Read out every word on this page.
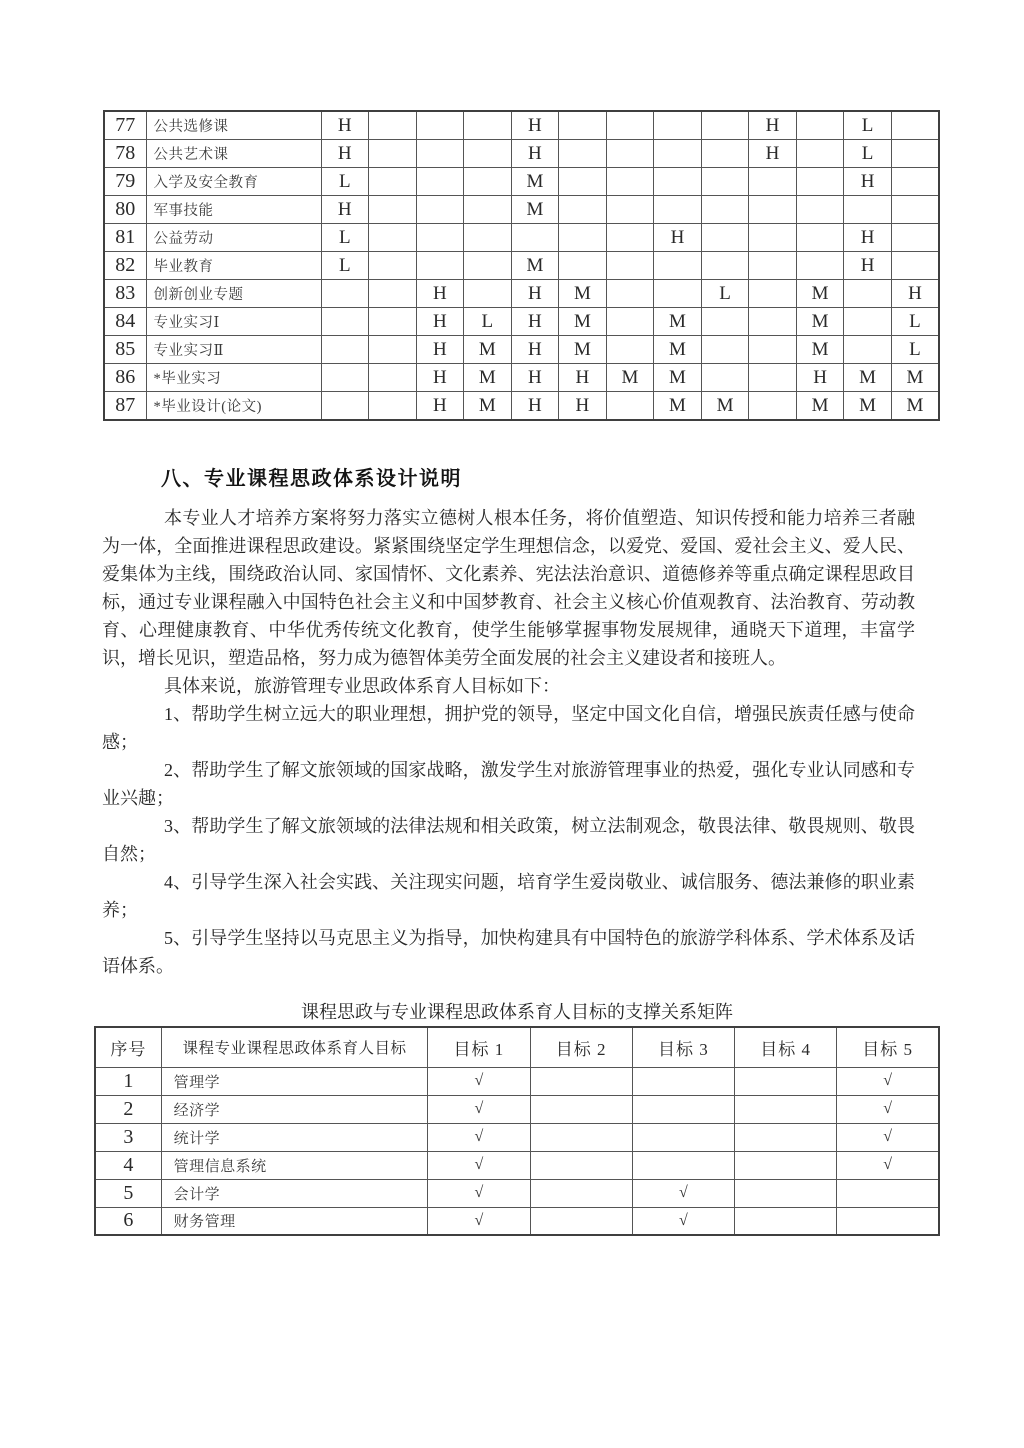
77	公共选修课	H				H					H		L	
78	公共艺术课	H				H					H		L	
79	入学及安全教育	L				M							H	
80	军事技能	H				M								
81	公益劳动	L							H				H	
82	毕业教育	L				M							H	
83	创新创业专题			H		H	M			L		M		H
84	专业实习Ⅰ			H	L	H	M		M			M		L
85	专业实习Ⅱ			H	M	H	M		M			M		L
86	*毕业实习			H	M	H	H	M	M			H	M	M
87	*毕业设计(论文)			H	M	H	H		M	M		M	M	M
八、专业课程思政体系设计说明

本专业人才培养方案将努力落实立德树人根本任务，将价值塑造、知识传授和能力培养三者融为一体，全面推进课程思政建设。紧紧围绕坚定学生理想信念，以爱党、爱国、爱社会主义、爱人民、爱集体为主线，围绕政治认同、家国情怀、文化素养、宪法法治意识、道德修养等重点确定课程思政目标，通过专业课程融入中国特色社会主义和中国梦教育、社会主义核心价值观教育、法治教育、劳动教育、心理健康教育、中华优秀传统文化教育，使学生能够掌握事物发展规律，通晓天下道理，丰富学识，增长见识，塑造品格，努力成为德智体美劳全面发展的社会主义建设者和接班人。

具体来说，旅游管理专业思政体系育人目标如下：

1、帮助学生树立远大的职业理想，拥护党的领导，坚定中国文化自信，增强民族责任感与使命感；

2、帮助学生了解文旅领域的国家战略，激发学生对旅游管理事业的热爱，强化专业认同感和专业兴趣；

3、帮助学生了解文旅领域的法律法规和相关政策，树立法制观念，敬畏法律、敬畏规则、敬畏自然；

4、引导学生深入社会实践、关注现实问题，培育学生爱岗敬业、诚信服务、德法兼修的职业素养；

5、引导学生坚持以马克思主义为指导，加快构建具有中国特色的旅游学科体系、学术体系及话语体系。

课程思政与专业课程思政体系育人目标的支撑关系矩阵
序号	课程专业课程思政体系育人目标	目标 1	目标 2	目标 3	目标 4	目标 5
1	管理学	√				√
2	经济学	√				√
3	统计学	√				√
4	管理信息系统	√				√
5	会计学	√		√		
6	财务管理	√		√		
